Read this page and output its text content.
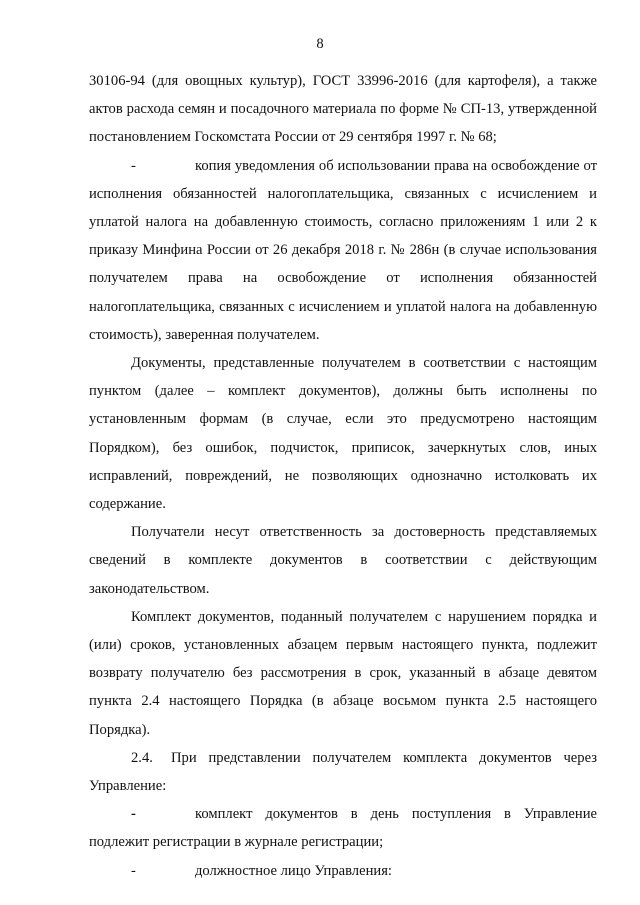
8

30106-94 (для овощных культур), ГОСТ 33996-2016 (для картофеля), а также актов расхода семян и посадочного материала по форме № СП-13, утвержденной постановлением Госкомстата России от 29 сентября 1997 г. № 68;

-	копия уведомления об использовании права на освобождение от исполнения обязанностей налогоплательщика, связанных с исчислением и уплатой налога на добавленную стоимость, согласно приложениям 1 или 2 к приказу Минфина России от 26 декабря 2018 г. № 286н (в случае использования получателем права на освобождение от исполнения обязанностей налогоплательщика, связанных с исчислением и уплатой налога на добавленную стоимость), заверенная получателем.

Документы, представленные получателем в соответствии с настоящим пунктом (далее – комплект документов), должны быть исполнены по установленным формам (в случае, если это предусмотрено настоящим Порядком), без ошибок, подчисток, приписок, зачеркнутых слов, иных исправлений, повреждений, не позволяющих однозначно истолковать их содержание.

Получатели несут ответственность за достоверность представляемых сведений в комплекте документов в соответствии с действующим законодательством.

Комплект документов, поданный получателем с нарушением порядка и (или) сроков, установленных абзацем первым настоящего пункта, подлежит возврату получателю без рассмотрения в срок, указанный в абзаце девятом пункта 2.4 настоящего Порядка (в абзаце восьмом пункта 2.5 настоящего Порядка).

2.4. При представлении получателем комплекта документов через Управление:

-	комплект документов в день поступления в Управление подлежит регистрации в журнале регистрации;

-	должностное лицо Управления:
